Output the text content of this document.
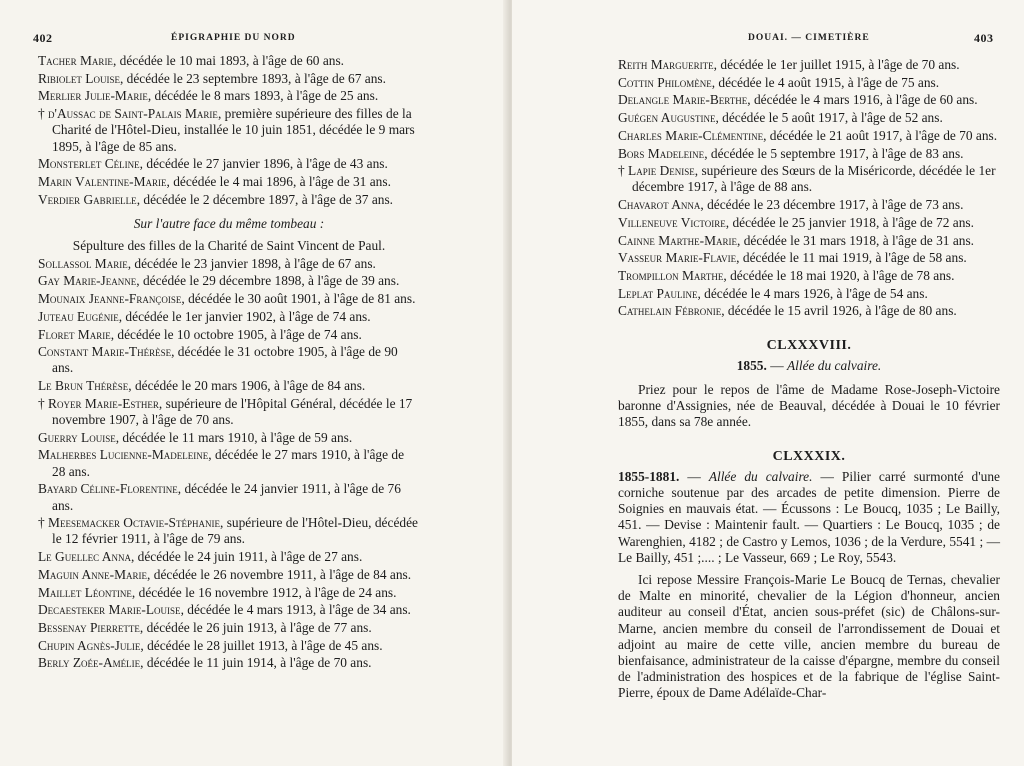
402	ÉPIGRAPHIE DU NORD
Tacher Marie, décédée le 10 mai 1893, à l'âge de 60 ans.
Ribiolet Louise, décédée le 23 septembre 1893, à l'âge de 67 ans.
Merlier Julie-Marie, décédée le 8 mars 1893, à l'âge de 25 ans.
† d'Aussac de Saint-Palais Marie, première supérieure des filles de la Charité de l'Hôtel-Dieu, installée le 10 juin 1851, décédée le 9 mars 1895, à l'âge de 85 ans.
Monsterlet Céline, décédée le 27 janvier 1896, à l'âge de 43 ans.
Marin Valentine-Marie, décédée le 4 mai 1896, à l'âge de 31 ans.
Verdier Gabrielle, décédée le 2 décembre 1897, à l'âge de 37 ans.
Sur l'autre face du même tombeau :
Sépulture des filles de la Charité de Saint Vincent de Paul.
Sollassol Marie, décédée le 23 janvier 1898, à l'âge de 67 ans.
Gay Marie-Jeanne, décédée le 29 décembre 1898, à l'âge de 39 ans.
Mounaix Jeanne-Françoise, décédée le 30 août 1901, à l'âge de 81 ans.
Juteau Eugénie, décédée le 1er janvier 1902, à l'âge de 74 ans.
Floret Marie, décédée le 10 octobre 1905, à l'âge de 74 ans.
Constant Marie-Thérèse, décédée le 31 octobre 1905, à l'âge de 90 ans.
Le Brun Thérèse, décédée le 20 mars 1906, à l'âge de 84 ans.
† Royer Marie-Esther, supérieure de l'Hôpital Général, décédée le 17 novembre 1907, à l'âge de 70 ans.
Guerry Louise, décédée le 11 mars 1910, à l'âge de 59 ans.
Malherbes Lucienne-Madeleine, décédée le 27 mars 1910, à l'âge de 28 ans.
Bayard Céline-Florentine, décédée le 24 janvier 1911, à l'âge de 76 ans.
† Meesemacker Octavie-Stéphanie, supérieure de l'Hôtel-Dieu, décédée le 12 février 1911, à l'âge de 79 ans.
Le Guellec Anna, décédée le 24 juin 1911, à l'âge de 27 ans.
Maguin Anne-Marie, décédée le 26 novembre 1911, à l'âge de 84 ans.
Maillet Léontine, décédée le 16 novembre 1912, à l'âge de 24 ans.
Decaesteker Marie-Louise, décédée le 4 mars 1913, à l'âge de 34 ans.
Bessenay Pierrette, décédée le 26 juin 1913, à l'âge de 77 ans.
Chupin Agnès-Julie, décédée le 28 juillet 1913, à l'âge de 45 ans.
Berly Zoée-Amélie, décédée le 11 juin 1914, à l'âge de 70 ans.
DOUAI. — CIMETIÈRE	403
Reith Marguerite, décédée le 1er juillet 1915, à l'âge de 70 ans.
Cottin Philomène, décédée le 4 août 1915, à l'âge de 75 ans.
Delangle Marie-Berthe, décédée le 4 mars 1916, à l'âge de 60 ans.
Guégen Augustine, décédée le 5 août 1917, à l'âge de 52 ans.
Charles Marie-Clémentine, décédée le 21 août 1917, à l'âge de 70 ans.
Bors Madeleine, décédée le 5 septembre 1917, à l'âge de 83 ans.
† Lapie Denise, supérieure des Sœurs de la Miséricorde, décédée le 1er décembre 1917, à l'âge de 88 ans.
Chavarot Anna, décédée le 23 décembre 1917, à l'âge de 73 ans.
Villeneuve Victoire, décédée le 25 janvier 1918, à l'âge de 72 ans.
Cainne Marthe-Marie, décédée le 31 mars 1918, à l'âge de 31 ans.
Vasseur Marie-Flavie, décédée le 11 mai 1919, à l'âge de 58 ans.
Trompillon Marthe, décédée le 18 mai 1920, à l'âge de 78 ans.
Leplat Pauline, décédée le 4 mars 1926, à l'âge de 54 ans.
Cathelain Fébronie, décédée le 15 avril 1926, à l'âge de 80 ans.
CLXXXVIII.
1855. — Allée du calvaire.

Priez pour le repos de l'âme de Madame Rose-Joseph-Victoire baronne d'Assignies, née de Beauval, décédée à Douai le 10 février 1855, dans sa 78e année.

CLXXXIX.

1855-1881. — Allée du calvaire. — Pilier carré surmonté d'une corniche soutenue par des arcades de petite dimension. Pierre de Soignies en mauvais état. — Écussons : Le Boucq, 1035 ; Le Bailly, 451. — Devise : Maintenir fault. — Quartiers : Le Boucq, 1035 ; de Warenghien, 4182 ; de Castro y Lemos, 1036 ; de la Verdure, 5541 ; — Le Bailly, 451 ;.... ; Le Vasseur, 669 ; Le Roy, 5543.

Ici repose Messire François-Marie Le Boucq de Ternas, chevalier de Malte en minorité, chevalier de la Légion d'honneur, ancien auditeur au conseil d'État, ancien sous-préfet (sic) de Châlons-sur-Marne, ancien membre du conseil de l'arrondissement de Douai et adjoint au maire de cette ville, ancien membre du bureau de bienfaisance, administrateur de la caisse d'épargne, membre du conseil de l'administration des hospices et de la fabrique de l'église Saint-Pierre, époux de Dame Adélaïde-Char-
